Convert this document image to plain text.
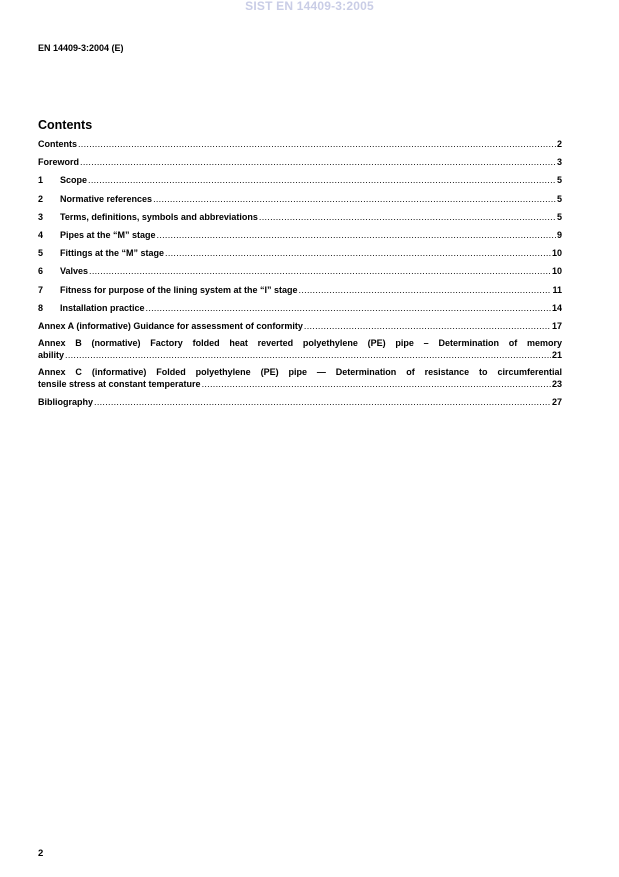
SIST EN 14409-3:2005
EN 14409-3:2004 (E)
Contents
Contents .....	2
Foreword .....	3
1	Scope .....	5
2	Normative references .....	5
3	Terms, definitions, symbols and abbreviations .....	5
4	Pipes at the “M” stage .....	9
5	Fittings at the “M” stage .....	10
6	Valves .....	10
7	Fitness for purpose of the lining system at the “I” stage .....	11
8	Installation practice .....	14
Annex A (informative) Guidance for assessment of conformity .....	17
Annex B (normative) Factory folded heat reverted polyethylene (PE) pipe – Determination of memory
ability .....	21
Annex C (informative) Folded polyethylene (PE) pipe — Determination of resistance to circumferential
tensile stress at constant temperature .....	23
Bibliography .....	27
2
